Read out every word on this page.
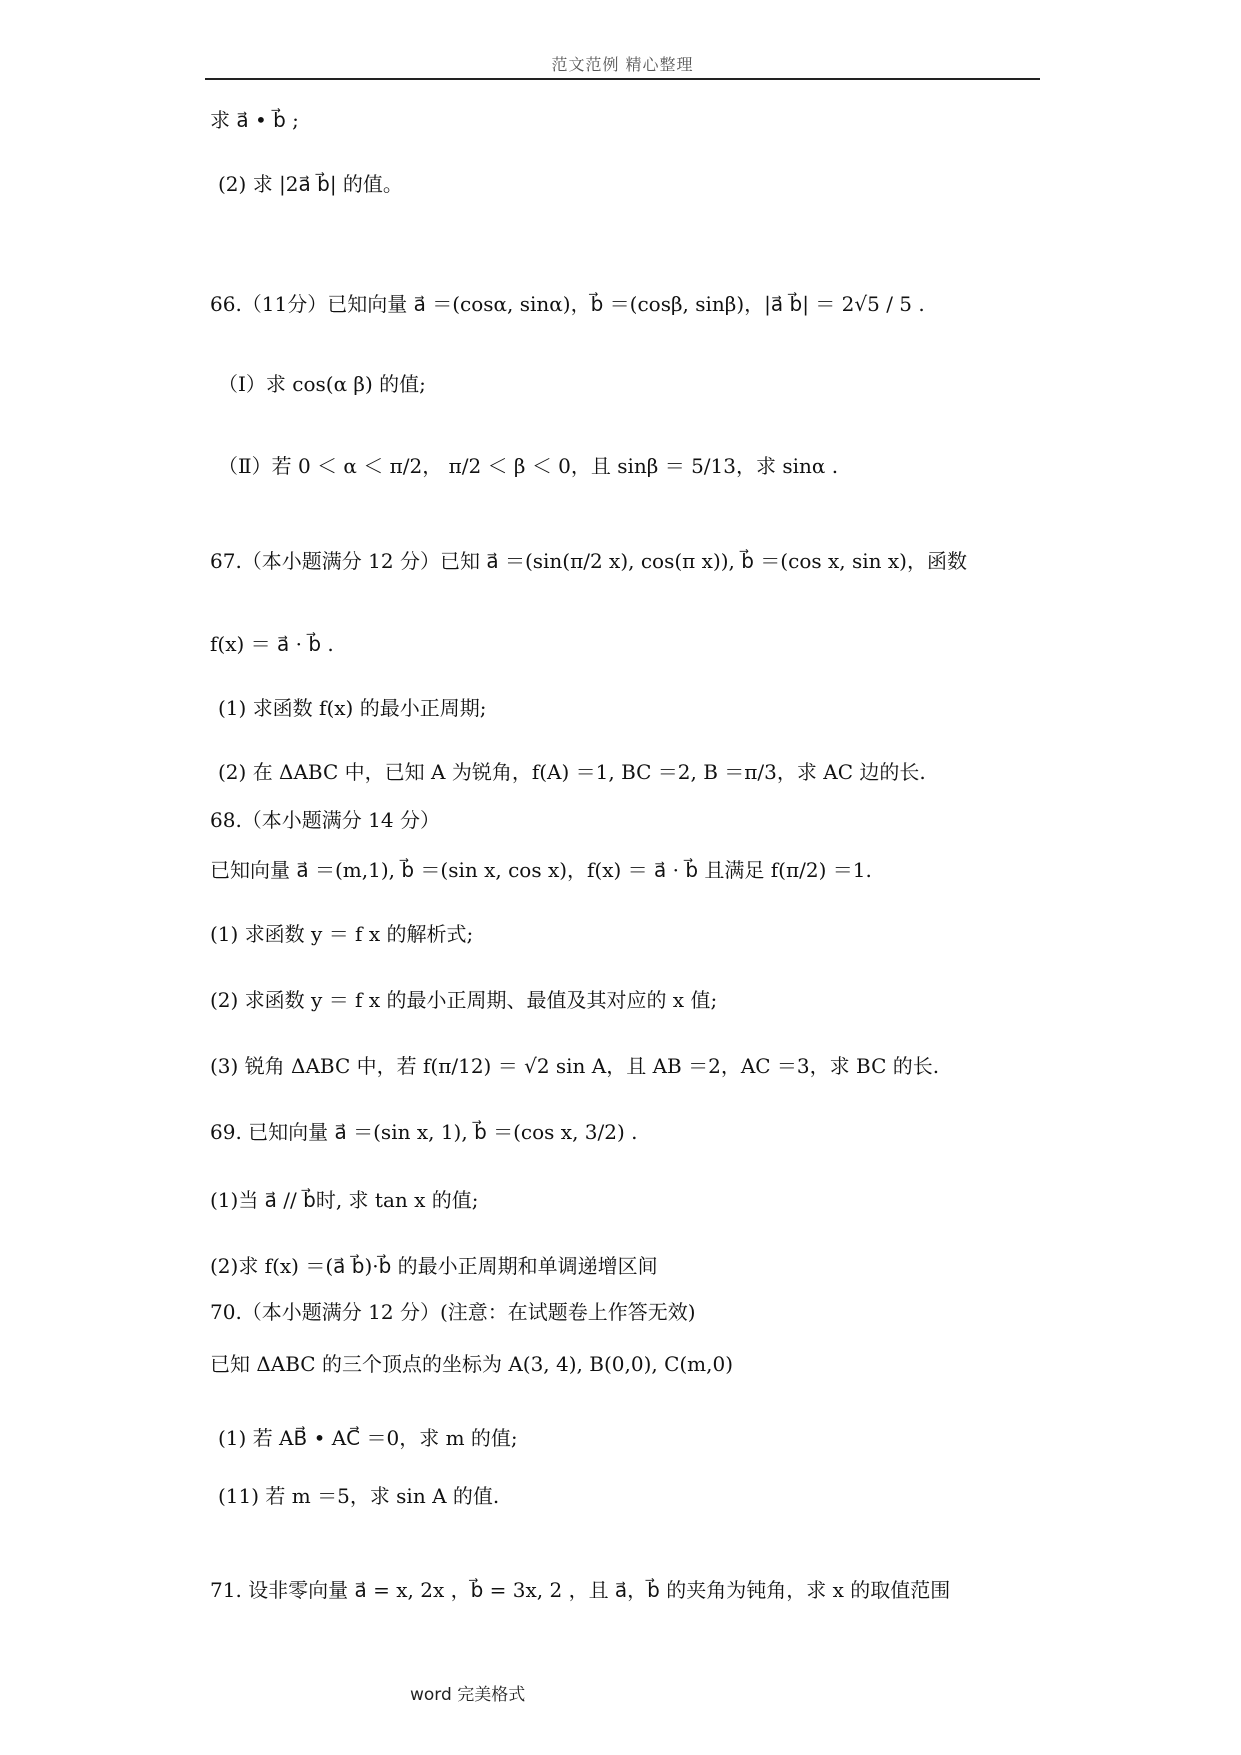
范文范例 精心整理
求 a⃗ • b⃗ ;
(2) 求 |2a⃗ b⃗| 的值。
66.（11分）已知向量 a⃗ ＝(cosα, sinα)，b⃗ ＝(cosβ, sinβ)，|a⃗ b⃗| ＝ 2√5 / 5 .
（Ⅰ）求 cos(α β) 的值;
（Ⅱ）若 0 ＜ α ＜ π/2， π/2 ＜ β ＜ 0，且 sinβ ＝ 5/13，求 sinα .
67.（本小题满分 12 分）已知 a⃗ ＝(sin(π/2 x), cos(π x)), b⃗ ＝(cos x, sin x)，函数
f(x) ＝ a⃗ · b⃗ .
(1) 求函数 f(x) 的最小正周期;
(2) 在 ΔABC 中，已知 A 为锐角，f(A) ＝1, BC ＝2, B ＝π/3，求 AC 边的长.
68.（本小题满分 14 分）
已知向量 a⃗ ＝(m,1), b⃗ ＝(sin x, cos x)，f(x) ＝ a⃗ · b⃗ 且满足 f(π/2) ＝1.
(1) 求函数 y ＝ f x 的解析式;
(2) 求函数 y ＝ f x 的最小正周期、最值及其对应的 x 值;
(3) 锐角 ΔABC 中，若 f(π/12) ＝ √2 sin A，且 AB ＝2，AC ＝3，求 BC 的长.
69. 已知向量 a⃗ ＝(sin x, 1), b⃗ ＝(cos x, 3/2) .
(1)当 a⃗ // b⃗时, 求 tan x 的值;
(2)求 f(x) ＝(a⃗ b⃗)·b⃗ 的最小正周期和单调递增区间
70.（本小题满分 12 分）(注意：在试题卷上作答无效)
已知 ΔABC 的三个顶点的坐标为 A(3, 4), B(0,0), C(m,0)
(1) 若 AB⃗ • AC⃗ ＝0，求 m 的值;
(11) 若 m ＝5，求 sin A 的值.
71. 设非零向量 a⃗ = x, 2x ，b⃗ = 3x, 2 ，且 a⃗，b⃗ 的夹角为钝角，求 x 的取值范围
word 完美格式
